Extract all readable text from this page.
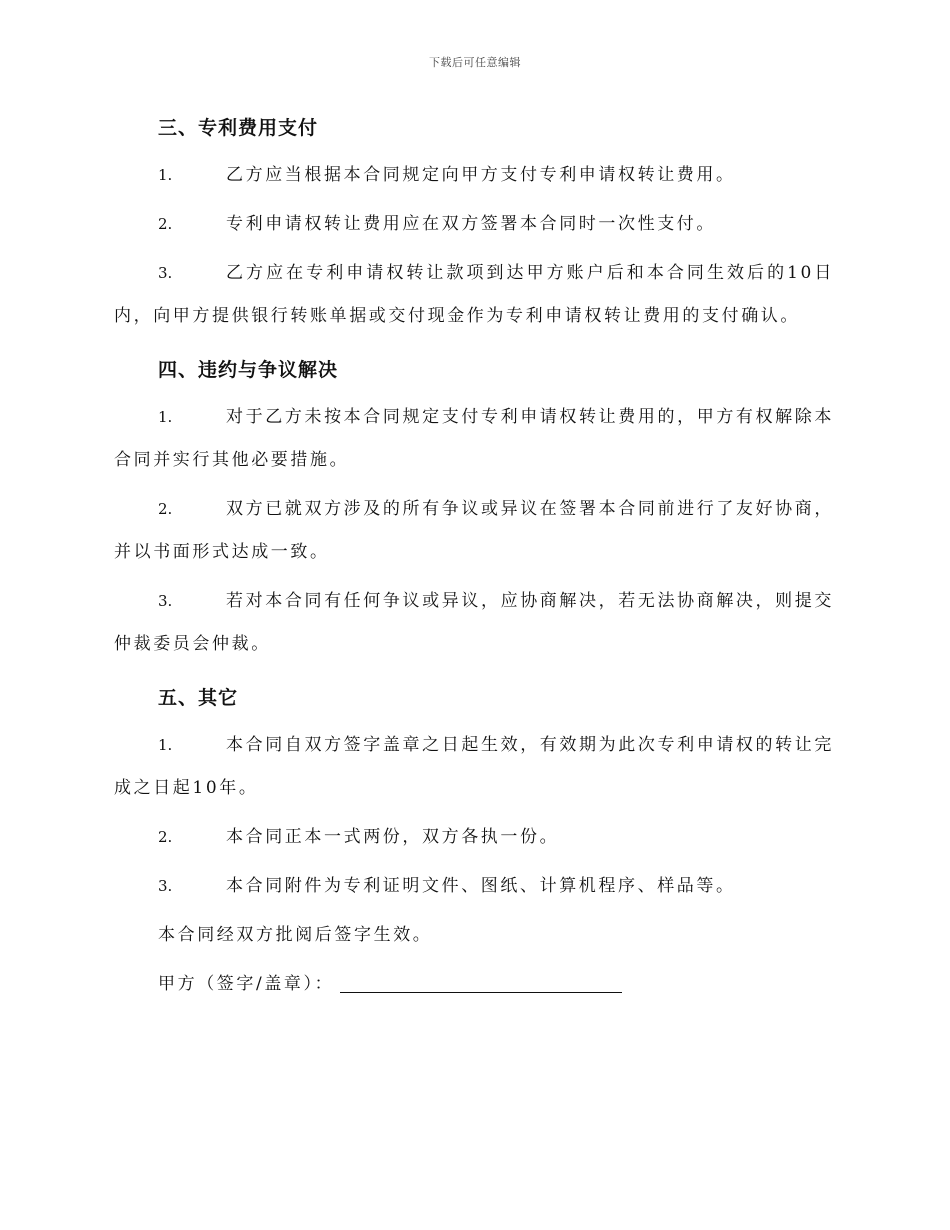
下载后可任意编辑
三、专利费用支付
1.	乙方应当根据本合同规定向甲方支付专利申请权转让费用。
2.	专利申请权转让费用应在双方签署本合同时一次性支付。
3.	乙方应在专利申请权转让款项到达甲方账户后和本合同生效后的10日内，向甲方提供银行转账单据或交付现金作为专利申请权转让费用的支付确认。
四、违约与争议解决
1.	对于乙方未按本合同规定支付专利申请权转让费用的，甲方有权解除本合同并实行其他必要措施。
2.	双方已就双方涉及的所有争议或异议在签署本合同前进行了友好协商，并以书面形式达成一致。
3.	若对本合同有任何争议或异议，应协商解决，若无法协商解决，则提交仲裁委员会仲裁。
五、其它
1.	本合同自双方签字盖章之日起生效，有效期为此次专利申请权的转让完成之日起10年。
2.	本合同正本一式两份，双方各执一份。
3.	本合同附件为专利证明文件、图纸、计算机程序、样品等。

本合同经双方批阅后签字生效。

甲方（签字/盖章）：
